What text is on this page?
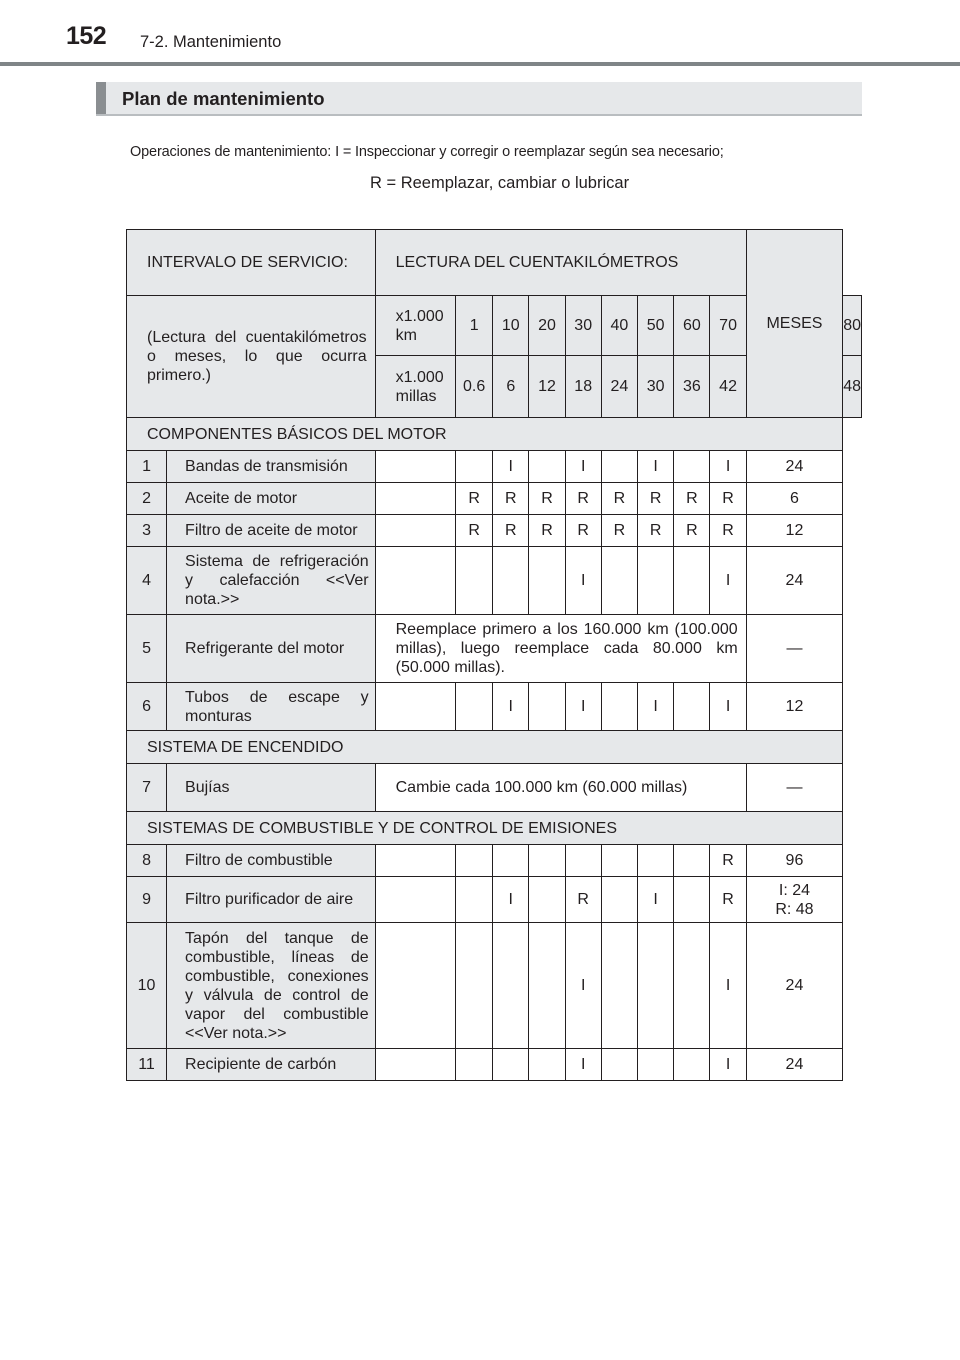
152 7-2. Mantenimiento
Plan de mantenimiento
Operaciones de mantenimiento: I = Inspeccionar y corregir o reemplazar según sea necesario;
R = Reemplazar, cambiar o lubricar
INTERVALO DE SERVICIO:		LECTURA DEL CUENTAKILÓMETROS									MESES	

(Lectura del cuentakilómetros o meses, lo que ocurra primero.)		x1.000 km	1	10	20	30	40	50	60	70		80
		x1.000 millas	0.6	6	12	18	24	30	36	42		48
COMPONENTES BÁSICOS DEL MOTOR												
1	Bandas de transmisión			I		I		I		I	24	
2	Aceite de motor		R	R	R	R	R	R	R	R	6	
3	Filtro de aceite de motor		R	R	R	R	R	R	R	R	12	
4	Sistema de refrigeración y calefacción <<Ver nota.>>					I				I	24	
5	Refrigerante del motor	Reemplace primero a los 160.000 km (100.000 millas), luego reemplace cada 80.000 km (50.000 millas).									—	
6	Tubos de escape y monturas			I		I		I		I	12	
SISTEMA DE ENCENDIDO												
7	Bujías	Cambie cada 100.000 km (60.000 millas)									—	
SISTEMAS DE COMBUSTIBLE Y DE CONTROL DE EMISIONES												
8	Filtro de combustible									R	96	
9	Filtro purificador de aire			I		R		I		R	I: 24
R: 48	

10	Tapón del tanque de combustible, líneas de combustible, conexiones y válvula de control de vapor del combustible <<Ver nota.>>					I				I	24	
11	Recipiente de carbón					I				I	24	
